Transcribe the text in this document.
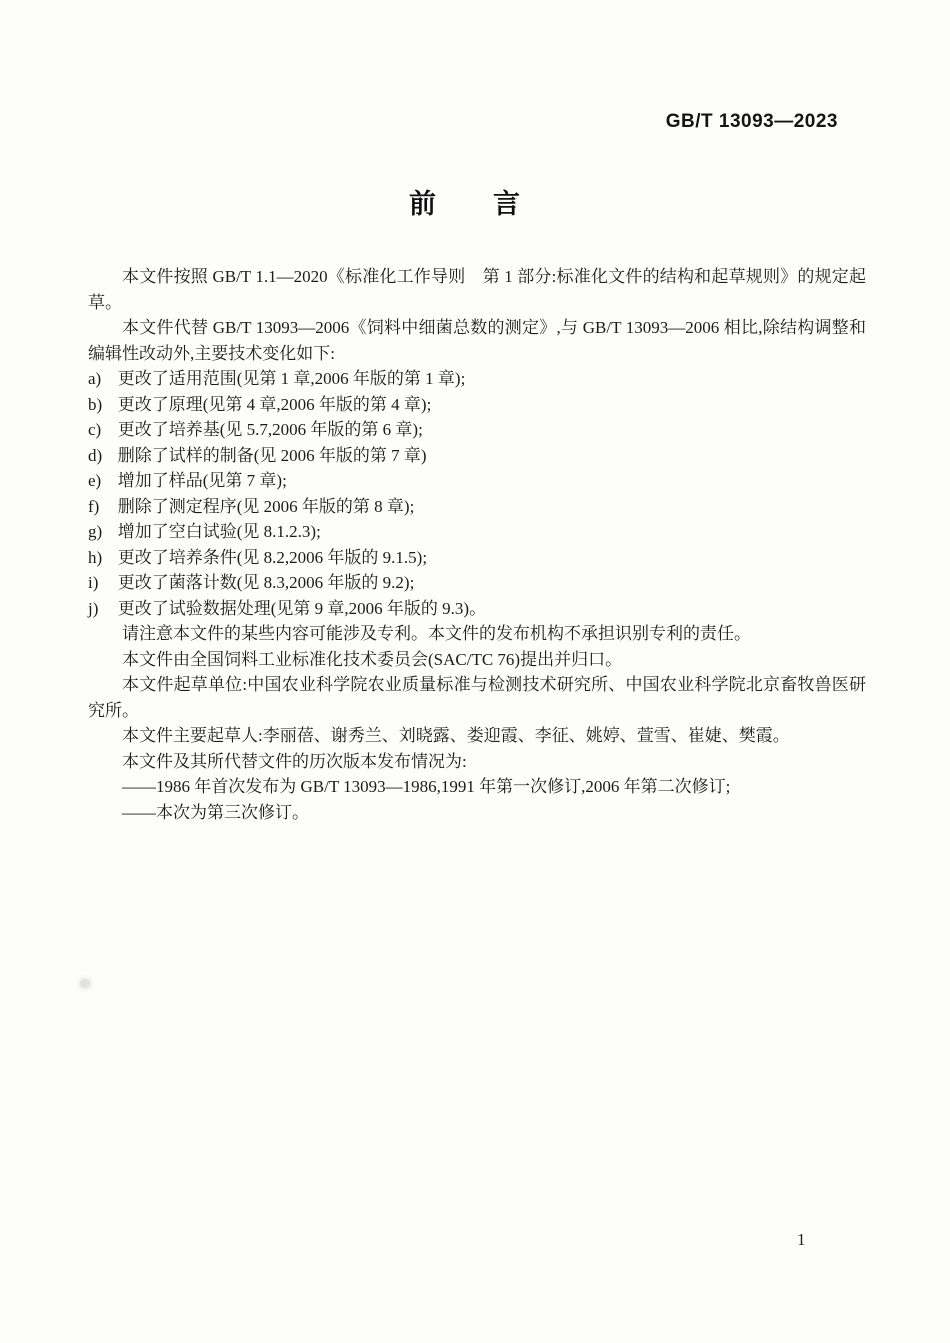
GB/T 13093—2023
前　　言

本文件按照 GB/T 1.1—2020《标准化工作导则　第 1 部分:标准化文件的结构和起草规则》的规定起草。

本文件代替 GB/T 13093—2006《饲料中细菌总数的测定》,与 GB/T 13093—2006 相比,除结构调整和编辑性改动外,主要技术变化如下:

a) 更改了适用范围(见第 1 章,2006 年版的第 1 章);

b) 更改了原理(见第 4 章,2006 年版的第 4 章);

c) 更改了培养基(见 5.7,2006 年版的第 6 章);

d) 删除了试样的制备(见 2006 年版的第 7 章)

e) 增加了样品(见第 7 章);

f) 删除了测定程序(见 2006 年版的第 8 章);

g) 增加了空白试验(见 8.1.2.3);

h) 更改了培养条件(见 8.2,2006 年版的 9.1.5);

i) 更改了菌落计数(见 8.3,2006 年版的 9.2);

j) 更改了试验数据处理(见第 9 章,2006 年版的 9.3)。

请注意本文件的某些内容可能涉及专利。本文件的发布机构不承担识别专利的责任。

本文件由全国饲料工业标准化技术委员会(SAC/TC 76)提出并归口。

本文件起草单位:中国农业科学院农业质量标准与检测技术研究所、中国农业科学院北京畜牧兽医研究所。

本文件主要起草人:李丽蓓、谢秀兰、刘晓露、娄迎霞、李征、姚婷、萱雪、崔婕、樊霞。

本文件及其所代替文件的历次版本发布情况为:

——1986 年首次发布为 GB/T 13093—1986,1991 年第一次修订,2006 年第二次修订;

——本次为第三次修订。

1
